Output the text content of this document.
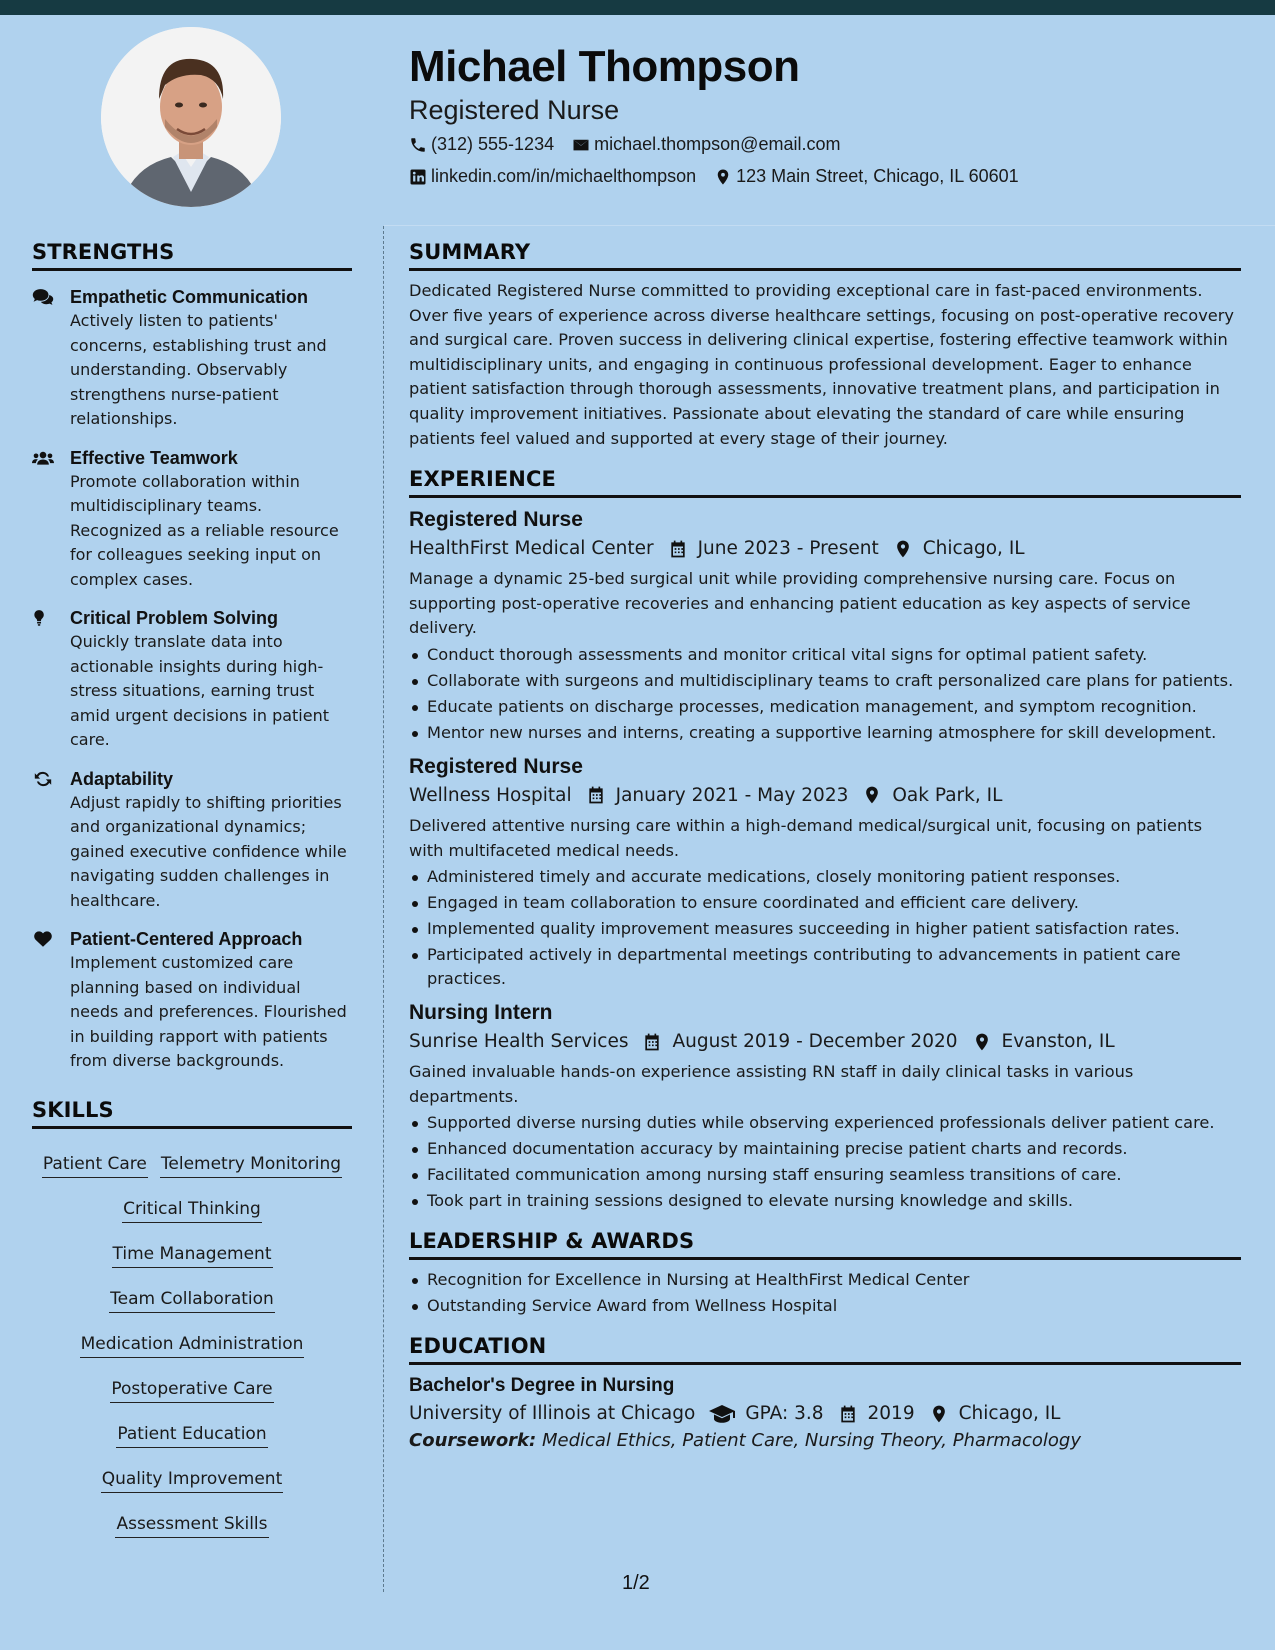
Michael Thompson
Registered Nurse
(312) 555-1234 michael.thompson@email.com
linkedin.com/in/michaelthompson 123 Main Street, Chicago, IL 60601
STRENGTHS
Empathetic Communication
Actively listen to patients' concerns, establishing trust and understanding. Observably strengthens nurse-patient relationships.
Effective Teamwork
Promote collaboration within multidisciplinary teams. Recognized as a reliable resource for colleagues seeking input on complex cases.
Critical Problem Solving
Quickly translate data into actionable insights during high-stress situations, earning trust amid urgent decisions in patient care.
Adaptability
Adjust rapidly to shifting priorities and organizational dynamics; gained executive confidence while navigating sudden challenges in healthcare.
Patient-Centered Approach
Implement customized care planning based on individual needs and preferences. Flourished in building rapport with patients from diverse backgrounds.
SKILLS
Patient Care Telemetry Monitoring
Critical Thinking
Time Management
Team Collaboration
Medication Administration
Postoperative Care
Patient Education
Quality Improvement
Assessment Skills
SUMMARY
Dedicated Registered Nurse committed to providing exceptional care in fast-paced environments. Over five years of experience across diverse healthcare settings, focusing on post-operative recovery and surgical care. Proven success in delivering clinical expertise, fostering effective teamwork within multidisciplinary units, and engaging in continuous professional development. Eager to enhance patient satisfaction through thorough assessments, innovative treatment plans, and participation in quality improvement initiatives. Passionate about elevating the standard of care while ensuring patients feel valued and supported at every stage of their journey.
EXPERIENCE
Registered Nurse
HealthFirst Medical Center June 2023 - Present Chicago, IL
Manage a dynamic 25-bed surgical unit while providing comprehensive nursing care. Focus on supporting post-operative recoveries and enhancing patient education as key aspects of service delivery.
Conduct thorough assessments and monitor critical vital signs for optimal patient safety.
Collaborate with surgeons and multidisciplinary teams to craft personalized care plans for patients.
Educate patients on discharge processes, medication management, and symptom recognition.
Mentor new nurses and interns, creating a supportive learning atmosphere for skill development.
Registered Nurse
Wellness Hospital January 2021 - May 2023 Oak Park, IL
Delivered attentive nursing care within a high-demand medical/surgical unit, focusing on patients with multifaceted medical needs.
Administered timely and accurate medications, closely monitoring patient responses.
Engaged in team collaboration to ensure coordinated and efficient care delivery.
Implemented quality improvement measures succeeding in higher patient satisfaction rates.
Participated actively in departmental meetings contributing to advancements in patient care practices.
Nursing Intern
Sunrise Health Services August 2019 - December 2020 Evanston, IL
Gained invaluable hands-on experience assisting RN staff in daily clinical tasks in various departments.
Supported diverse nursing duties while observing experienced professionals deliver patient care.
Enhanced documentation accuracy by maintaining precise patient charts and records.
Facilitated communication among nursing staff ensuring seamless transitions of care.
Took part in training sessions designed to elevate nursing knowledge and skills.
LEADERSHIP & AWARDS
Recognition for Excellence in Nursing at HealthFirst Medical Center
Outstanding Service Award from Wellness Hospital
EDUCATION
Bachelor's Degree in Nursing
University of Illinois at Chicago	GPA: 3.8 2019 Chicago, IL
Coursework: Medical Ethics, Patient Care, Nursing Theory, Pharmacology
1/2
